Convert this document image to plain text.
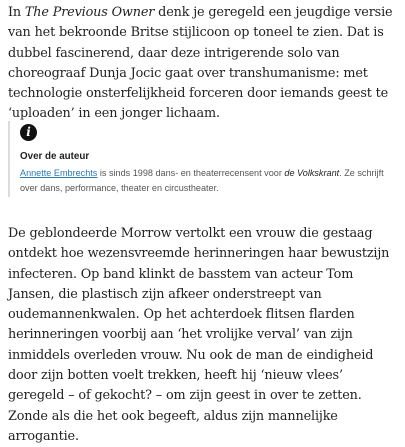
In The Previous Owner denk je geregeld een jeugdige versie van het bekroonde Britse stijlicoon op toneel te zien. Dat is dubbel fascinerend, daar deze intrigerende solo van choreograaf Dunja Jocic gaat over transhumanisme: met technologie onsterfelijkheid forceren door iemands geest te ‘uploaden’ in een jonger lichaam.

i
Over de auteur
Annette Embrechts is sinds 1998 dans- en theaterrecensent voor de Volkskrant. Ze schrijft over dans, performance, theater en circustheater.

De geblondeerde Morrow vertolkt een vrouw die gestaag ontdekt hoe wezensvreemde herinneringen haar bewustzijn infecteren. Op band klinkt de basstem van acteur Tom Jansen, die plastisch zijn afkeer onderstreept van oudemannenkwalen. Op het achterdoek flitsen flarden herinneringen voorbij aan ‘het vrolijke verval’ van zijn inmiddels overleden vrouw. Nu ook de man de eindigheid door zijn botten voelt trekken, heeft hij ‘nieuw vlees’ geregeld – of gekocht? – om zijn geest in over te zetten. Zonde als die het ook begeeft, aldus zijn mannelijke arrogantie.
